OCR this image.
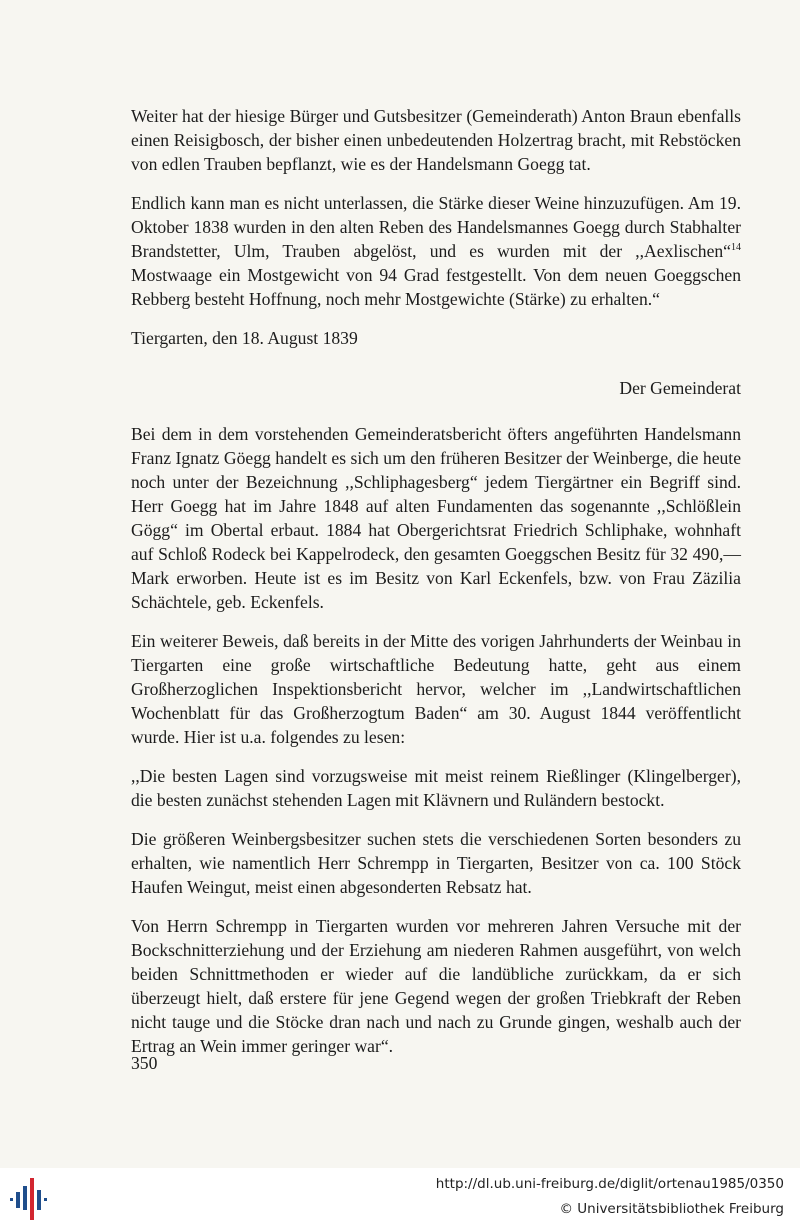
Weiter hat der hiesige Bürger und Gutsbesitzer (Gemeinderath) Anton Braun ebenfalls einen Reisigbosch, der bisher einen unbedeutenden Holzertrag bracht, mit Rebstöcken von edlen Trauben bepflanzt, wie es der Handelsmann Goegg tat.

Endlich kann man es nicht unterlassen, die Stärke dieser Weine hinzuzufügen. Am 19. Oktober 1838 wurden in den alten Reben des Handelsmannes Goegg durch Stabhalter Brandstetter, Ulm, Trauben abgelöst, und es wurden mit der ,,Aexlischen“$^{14}$ Mostwaage ein Mostgewicht von 94 Grad festgestellt. Von dem neuen Goeggschen Rebberg besteht Hoffnung, noch mehr Mostgewichte (Stärke) zu erhalten.“

Tiergarten, den 18. August 1839

Der Gemeinderat

Bei dem in dem vorstehenden Gemeinderatsbericht öfters angeführten Handelsmann Franz Ignatz Göegg handelt es sich um den früheren Besitzer der Weinberge, die heute noch unter der Bezeichnung ,,Schliphagesberg“ jedem Tiergärtner ein Begriff sind. Herr Goegg hat im Jahre 1848 auf alten Fundamenten das sogenannte ,,Schlößlein Gögg“ im Obertal erbaut. 1884 hat Obergerichtsrat Friedrich Schliphake, wohnhaft auf Schloß Rodeck bei Kappelrodeck, den gesamten Goeggschen Besitz für 32 490,— Mark erworben. Heute ist es im Besitz von Karl Eckenfels, bzw. von Frau Zäzilia Schächtele, geb. Eckenfels.

Ein weiterer Beweis, daß bereits in der Mitte des vorigen Jahrhunderts der Weinbau in Tiergarten eine große wirtschaftliche Bedeutung hatte, geht aus einem Großherzoglichen Inspektionsbericht hervor, welcher im ,,Landwirtschaftlichen Wochenblatt für das Großherzogtum Baden“ am 30. August 1844 veröffentlicht wurde. Hier ist u.a. folgendes zu lesen:

,,Die besten Lagen sind vorzugsweise mit meist reinem Rießlinger (Klingelberger), die besten zunächst stehenden Lagen mit Klävnern und Ruländern bestockt.

Die größeren Weinbergsbesitzer suchen stets die verschiedenen Sorten besonders zu erhalten, wie namentlich Herr Schrempp in Tiergarten, Besitzer von ca. 100 Stöck Haufen Weingut, meist einen abgesonderten Rebsatz hat.

Von Herrn Schrempp in Tiergarten wurden vor mehreren Jahren Versuche mit der Bockschnitterziehung und der Erziehung am niederen Rahmen ausgeführt, von welch beiden Schnittmethoden er wieder auf die landübliche zurückkam, da er sich überzeugt hielt, daß erstere für jene Gegend wegen der großen Triebkraft der Reben nicht tauge und die Stöcke dran nach und nach zu Grunde gingen, weshalb auch der Ertrag an Wein immer geringer war“.

350
http://dl.ub.uni-freiburg.de/diglit/ortenau1985/0350
© Universitätsbibliothek Freiburg
